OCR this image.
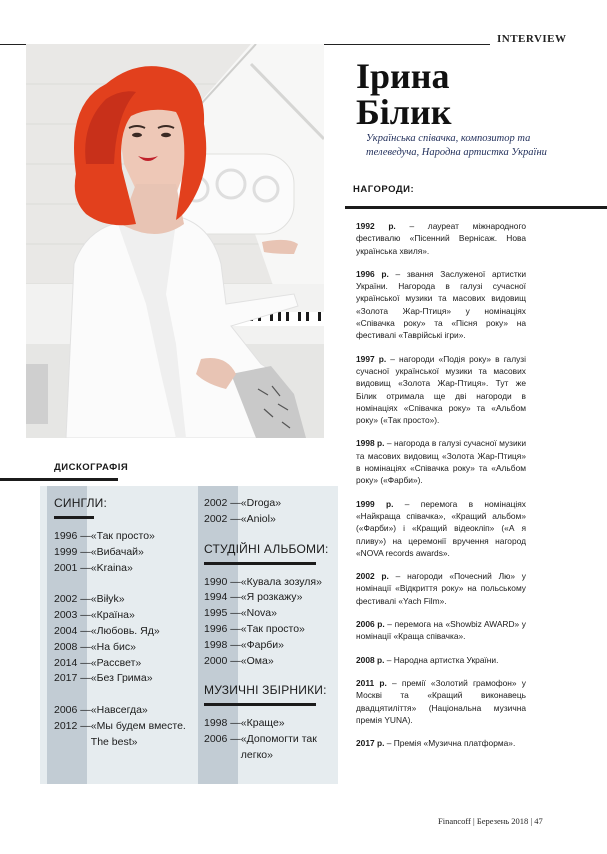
INTERVIEW
Ірина
Білик
Українська співачка, композитор та телеведуча, Народна артистка України
НАГОРОДИ:

1992 р. – лауреат міжнародного фестивалю «Пісенний Вернісаж. Нова українська хвиля».

1996 р. – звання Заслуженої артистки України. Нагорода в галузі сучасної української музики та масових видовищ «Золота Жар-Птиця» у номінаціях «Співачка року» та «Пісня року» на фестивалі «Таврійські ігри».

1997 р. – нагороди «Подія року» в галузі сучасної української музики та масових видовищ «Золота Жар-Птиця». Тут же Білик отримала ще дві нагороди в номінаціях «Співачка року» та «Альбом року» («Так просто»).

1998 р. – нагорода в галузі сучасної музики та масових видовищ «Золота Жар-Птиця» в номінаціях «Співачка року» та «Альбом року» («Фарби»).

1999 р. – перемога в номінаціях «Найкраща співачка», «Кращий альбом» («Фарби») і «Кращий відеокліп» («А я пливу») на церемонії вручення нагород «NOVA records awards».

2002 р. – нагороди «Почесний Лю» у номінації «Відкриття року» на польському фестивалі «Yach Film».

2006 р. – перемога на «Showbiz AWARD» у номінації «Краща співачка».

2008 р. – Народна артистка України.

2011 р. – премії «Золотий грамофон» у Москві та «Кращий виконавець двадцятиліття» (Національна музична премія YUNA).

2017 р. – Премія «Музична платформа».

ДИСКОГРАФІЯ
СИНГЛИ:
1996 — «Так просто»
1999 — «Вибачай»
2001 — «Kraina»
2002 — «Biłyk»
2003 — «Країна»
2004 — «Любовь. Яд»
2008 — «На бис»
2014 — «Рассвет»
2017 — «Без Грима»
2006 — «Навсегда»
2012 — «Мы будем вместе. The best»
2002 — «Droga»
2002 — «Aniol»
СТУДІЙНІ АЛЬБОМИ:
1990 — «Кувала зозуля»
1994 — «Я розкажу»
1995 — «Nova»
1996 — «Так просто»
1998 — «Фарби»
2000 — «Ома»
МУЗИЧНІ ЗБІРНИКИ:
1998 — «Краще»
2006 — «Допомогти так легко»
Financoff | Березень 2018 | 47
